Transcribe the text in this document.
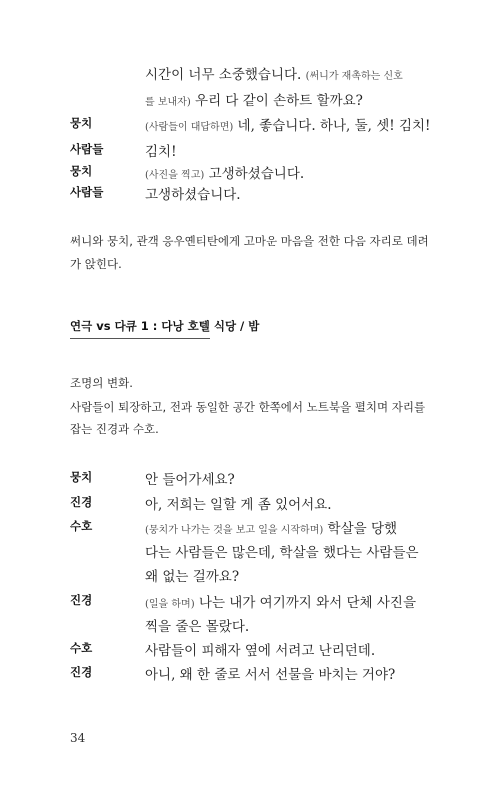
시간이 너무 소중했습니다. (써니가 재촉하는 신호
를 보내자) 우리 다 같이 손하트 할까요?
뭉치	(사람들이 대답하면) 네, 좋습니다. 하나, 둘, 셋! 김치!
사람들	김치!
뭉치	(사진을 찍고) 고생하셨습니다.
사람들	고생하셨습니다.
써니와 뭉치, 관객 응우옌티탄에게 고마운 마음을 전한 다음 자리로 데려
가 앉힌다.
연극 vs 다큐 1 : 다낭 호텔 식당 / 밤
조명의 변화.
사람들이 퇴장하고, 전과 동일한 공간 한쪽에서 노트북을 펼치며 자리를
잡는 진경과 수호.
뭉치	안 들어가세요?
진경	아, 저희는 일할 게 좀 있어서요.
수호	(뭉치가 나가는 것을 보고 일을 시작하며) 학살을 당했
다는 사람들은 많은데, 학살을 했다는 사람들은
왜 없는 걸까요?
진경	(일을 하며) 나는 내가 여기까지 와서 단체 사진을
찍을 줄은 몰랐다.
수호	사람들이 피해자 옆에 서려고 난리던데.
진경	아니, 왜 한 줄로 서서 선물을 바치는 거야?
34
